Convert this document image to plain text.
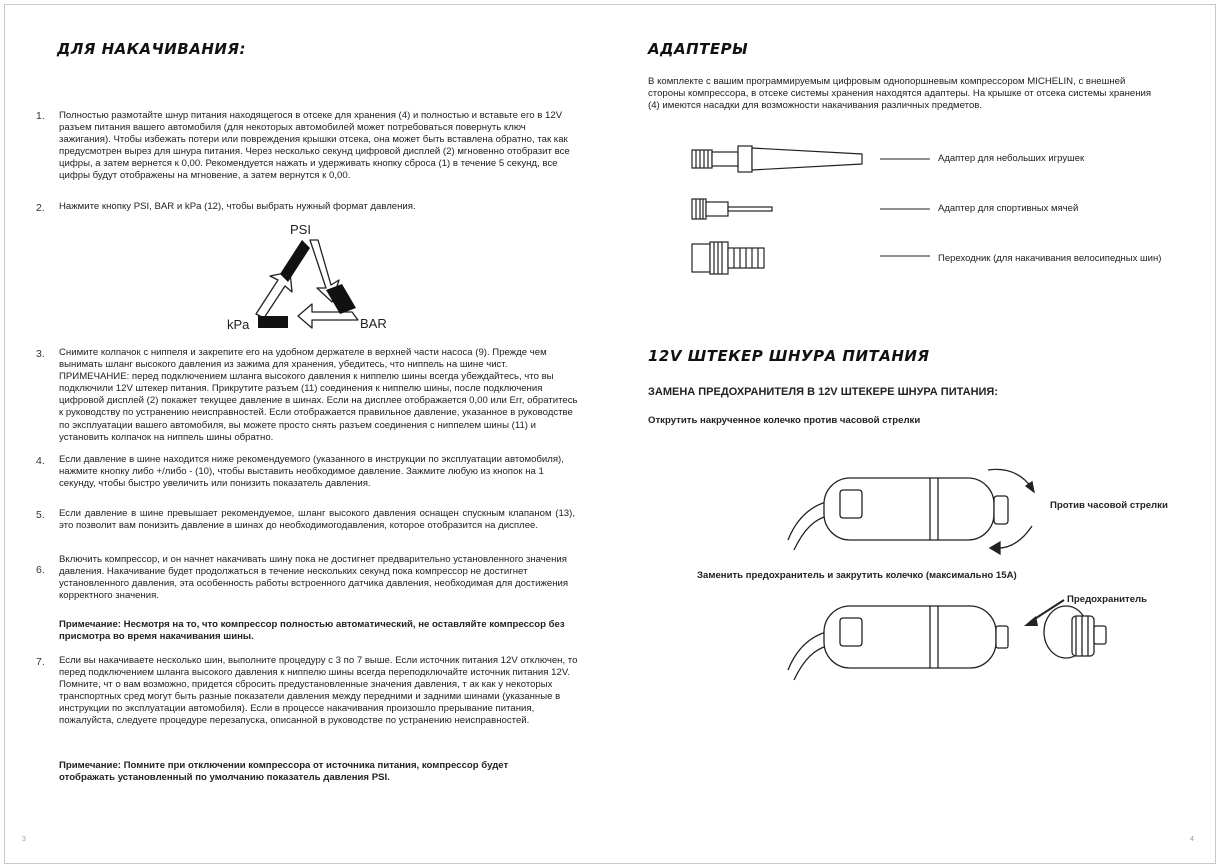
ДЛЯ НАКАЧИВАНИЯ:
1. Полностью размотайте шнур питания находящегося в отсеке для хранения (4) и полностью и вставьте его в 12V разъем питания вашего автомобиля (для некоторых автомобилей может потребоваться повернуть ключ зажигания). Чтобы избежать потери или повреждения крышки отсека, она может быть вставлена обратно, так как предусмотрен вырез для шнура питания. Через несколько секунд цифровой дисплей (2) мгновенно отобразит все цифры, а затем вернется к 0,00. Рекомендуется нажать и удерживать кнопку сброса (1) в течение 5 секунд, все цифры будут отображены на мгновение, а затем вернутся к 0,00.
2. Нажмите кнопку PSI, BAR и kPa (12), чтобы выбрать нужный формат давления.
PSI
kPa	BAR
3. Снимите колпачок с ниппеля и закрепите его на удобном держателе в верхней части насоса (9). Прежде чем вынимать шланг высокого давления из зажима для хранения, убедитесь, что ниппель на шине чист. ПРИМЕЧАНИЕ: перед подключением шланга высокого давления к ниппелю шины всегда убеждайтесь, что вы подключили 12V штекер питания. Прикрутите разъем (11) соединения к ниппелю шины, после подключения цифровой дисплей (2) покажет текущее давление в шинах. Если на дисплее отображается 0,00 или Err, обратитесь к руководству по устранению неисправностей. Если отображается правильное давление, указанное в руководстве по эксплуатации вашего автомобиля, вы можете просто снять разъем соединения с ниппелем шины (11) и установить колпачок на ниппель шины обратно.
4. Если давление в шине находится ниже рекомендуемого (указанного в инструкции по эксплуатации автомобиля), нажмите кнопку либо +/либо - (10), чтобы выставить необходимое давление. Зажмите любую из кнопок на 1 секунду, чтобы быстро увеличить или понизить показатель давления.
5. Если давление в шине превышает рекомендуемое, шланг высокого давления оснащен спускным клапаном (13), это позволит вам понизить давление в шинах до необходимогодавления, которое отобразится на дисплее.
6.
Включить компрессор, и он начнет накачивать шину пока не достигнет предварительно установленного значения давления. Накачивание будет продолжаться в течение нескольких секунд пока компрессор не достигнет установленного давления, эта особенность работы встроенного датчика давления, необходимая для достижения корректного значения.
Примечание: Несмотря на то, что компрессор полностью автоматический, не оставляйте компрессор без присмотра во время накачивания шины.
7. Если вы накачиваете несколько шин, выполните процедуру с 3 по 7 выше. Если источник питания 12V отключен, то перед подключением шланга высокого давления к ниппелю шины всегда переподключайте источник питания 12V. Помните, чт о вам возможно, придется сбросить предустановленные значения давления, т ак как у некоторых транспортных сред могут быть разные показатели давления между передними и задними шинами (указанные в инструкции по эксплуатации автомобиля). Если в процессе накачивания произошло прерывание питания, пожалуйста, следуете процедуре перезапуска, описанной в руководстве по устранению неисправностей.
Примечание: Помните при отключении компрессора от источника питания, компрессор будет отображать установленный по умолчанию показатель давления PSI.
3
АДАПТЕРЫ
В комплекте с вашим программируемым цифровым однопоршневым компрессором MICHELIN, с внешней стороны компрессора, в отсеке системы хранения находятся адаптеры. На крышке от отсека системы хранения (4) имеются насадки для возможности накачивания различных предметов.
Адаптер для небольших игрушек
Адаптер для спортивных мячей
Переходник (для накачивания велосипедных шин)
12V ШТЕКЕР ШНУРА ПИТАНИЯ
ЗАМЕНА ПРЕДОХРАНИТЕЛЯ В 12V ШТЕКЕРЕ ШНУРА ПИТАНИЯ:
Открутить накрученное колечко против часовой стрелки
Против часовой стрелки
Заменить предохранитель и закрутить колечко (максимально 15А)
Предохранитель
4
